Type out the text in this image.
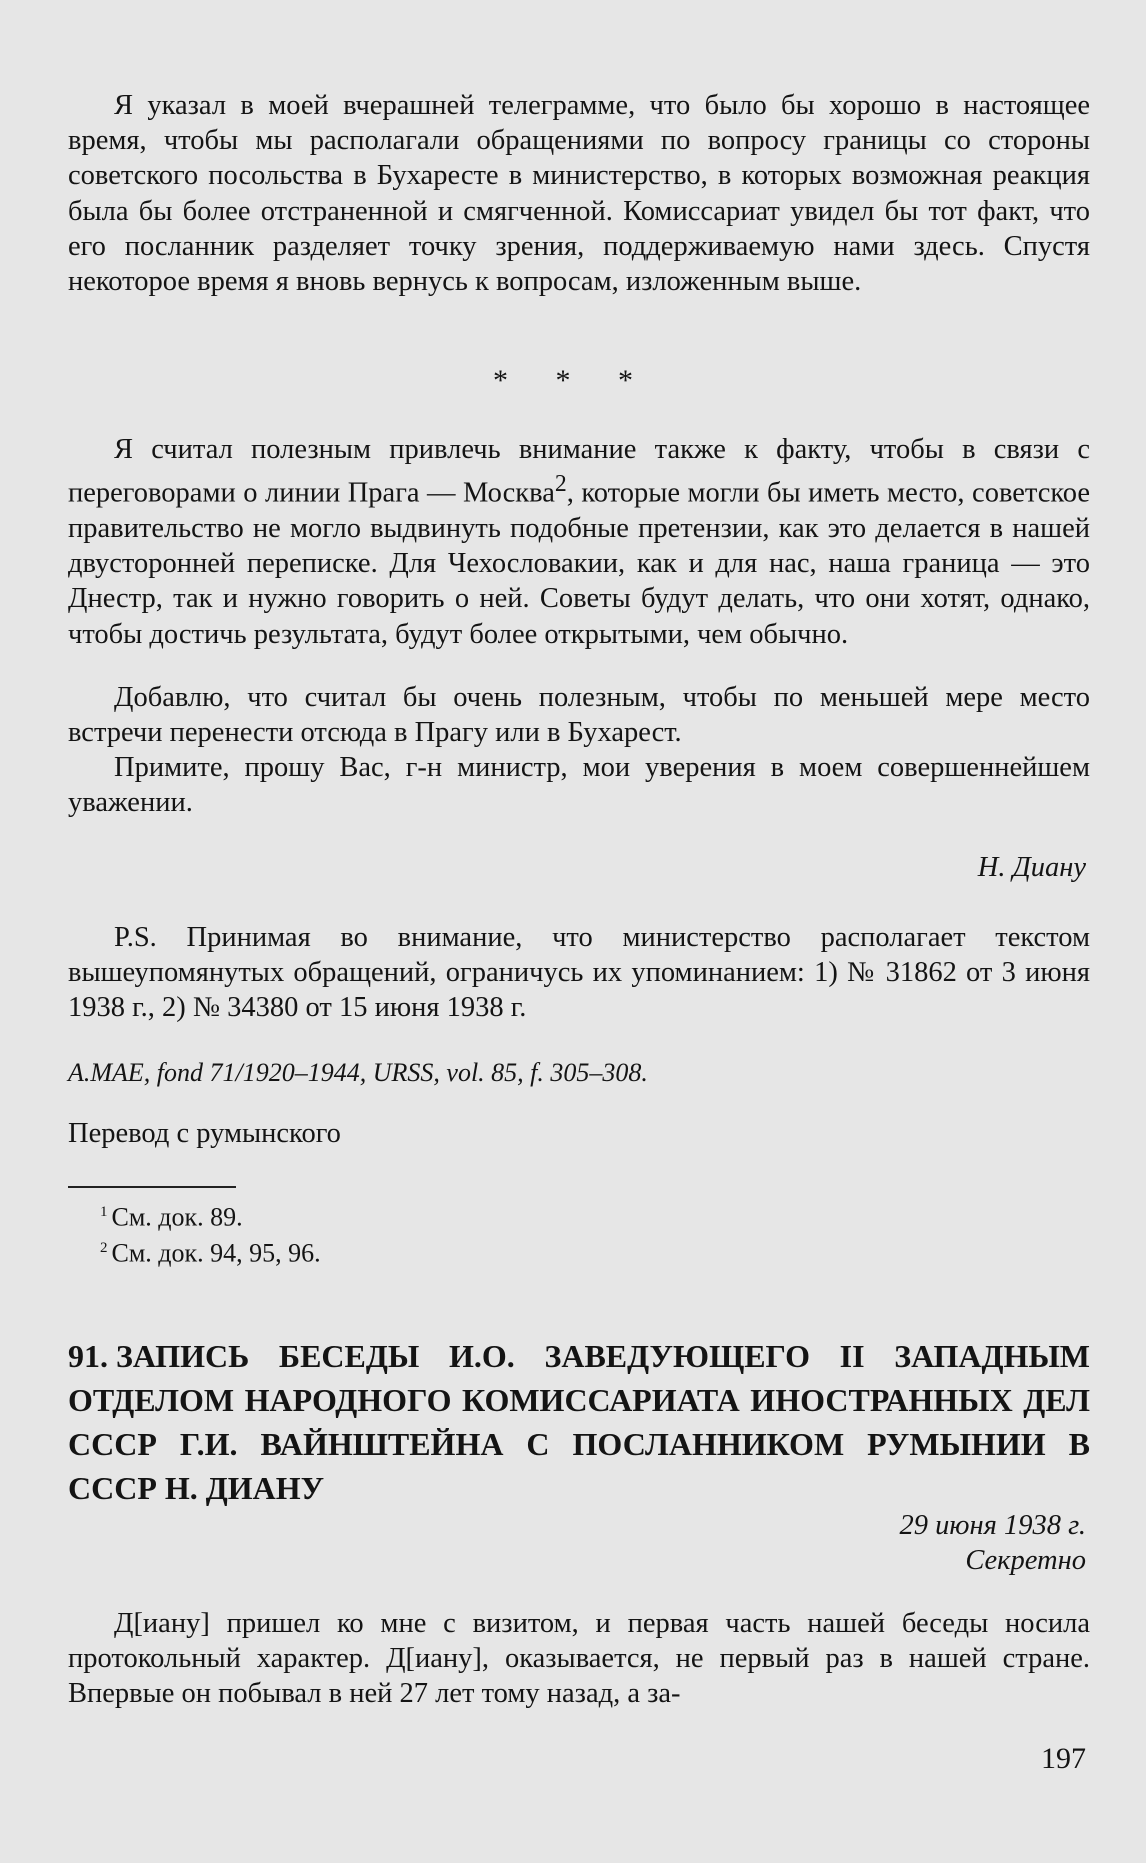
Я указал в моей вчерашней телеграмме, что было бы хорошо в настоящее время, чтобы мы располагали обращениями по вопросу границы со стороны советского посольства в Бухаресте в министерство, в которых возможная реакция была бы более отстраненной и смягченной. Комиссариат увидел бы тот факт, что его посланник разделяет точку зрения, поддерживаемую нами здесь. Спустя некоторое время я вновь вернусь к вопросам, изложенным выше.

* * *

Я считал полезным привлечь внимание также к факту, чтобы в связи с переговорами о линии Прага — Москва$^2$, которые могли бы иметь место, советское правительство не могло выдвинуть подобные претензии, как это делается в нашей двусторонней переписке. Для Чехословакии, как и для нас, наша граница — это Днестр, так и нужно говорить о ней. Советы будут делать, что они хотят, однако, чтобы достичь результата, будут более открытыми, чем обычно.

Добавлю, что считал бы очень полезным, чтобы по меньшей мере место встречи перенести отсюда в Прагу или в Бухарест.

Примите, прошу Вас, г-н министр, мои уверения в моем совершеннейшем уважении.

Н. Диану

P.S. Принимая во внимание, что министерство располагает текстом вышеупомянутых обращений, ограничусь их упоминанием: 1) № 31862 от 3 июня 1938 г., 2) № 34380 от 15 июня 1938 г.

A.MAE, fond 71/1920–1944, URSS, vol. 85, f. 305–308.
Перевод с румынского
$^1$ См. док. 89.
$^2$ См. док. 94, 95, 96.
91. ЗАПИСЬ БЕСЕДЫ И.О. ЗАВЕДУЮЩЕГО II ЗАПАДНЫМ ОТДЕЛОМ НАРОДНОГО КОМИССАРИАТА ИНОСТРАННЫХ ДЕЛ СССР Г.И. ВАЙНШТЕЙНА С ПОСЛАННИКОМ РУМЫНИИ В СССР Н. ДИАНУ
29 июня 1938 г.
Секретно

Д[иану] пришел ко мне с визитом, и первая часть нашей беседы носила протокольный характер. Д[иану], оказывается, не первый раз в нашей стране. Впервые он побывал в ней 27 лет тому назад, а за-

197
